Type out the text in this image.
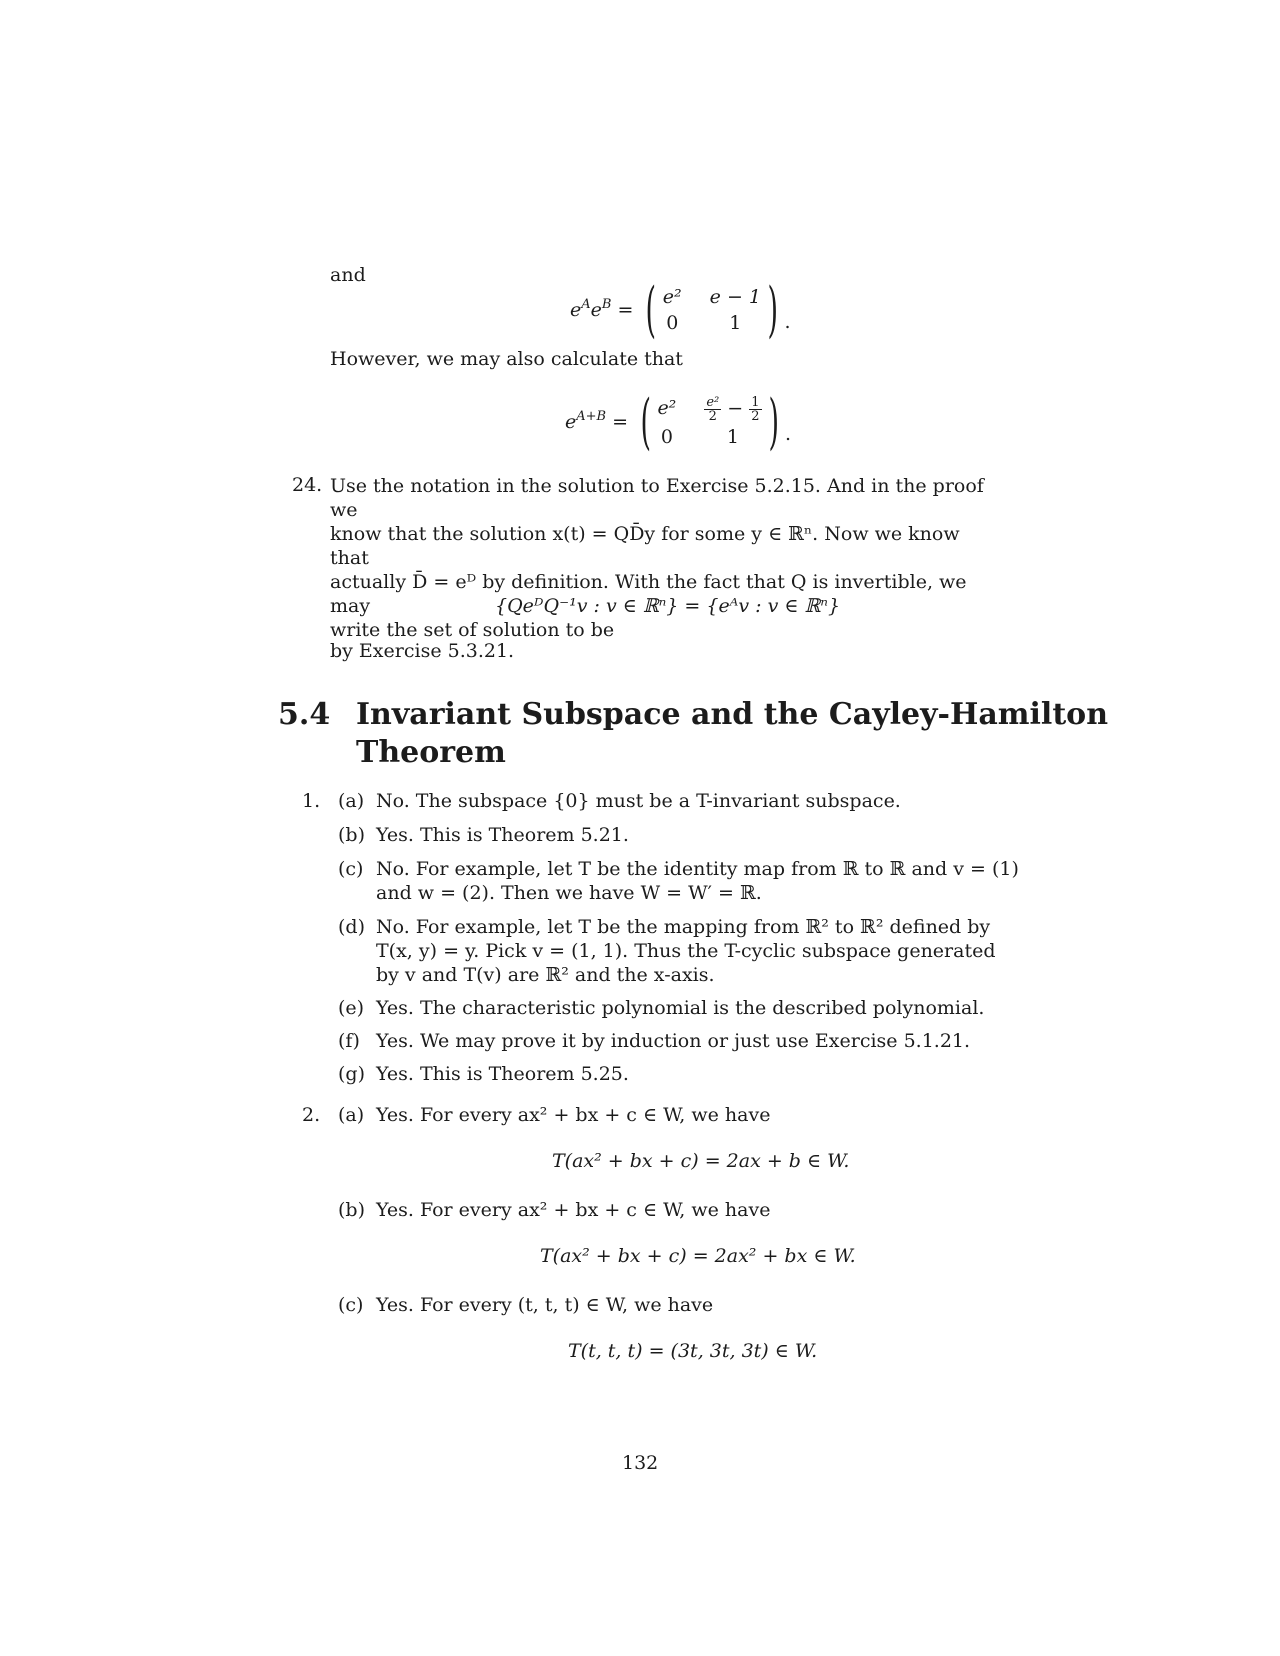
and
$e^Ae^B$ = ( e² e − 1
0	1 ) .
However, we may also calculate that
$e^{A+B}$ = ( $e^2 \frac{\text{e²}}{2} - \frac{1}{2}$
0	1 ) .
24. Use the notation in the solution to Exercise 5.2.15. And in the proof we
know that the solution x(t) = QD̄y for some y ∈ ℝⁿ. Now we know that
actually D̄ = eᴰ by definition. With the fact that Q is invertible, we may
write the set of solution to be
{QeᴰQ⁻¹v : v ∈ ℝⁿ} = {eᴬv : v ∈ ℝⁿ}
by Exercise 5.3.21.
5.4 Invariant Subspace and the Cayley-Hamilton
Theorem
1. (a) No. The subspace {0} must be a T-invariant subspace.
(b) Yes. This is Theorem 5.21.
(c) No. For example, let T be the identity map from ℝ to ℝ and v = (1)
and w = (2). Then we have W = W′ = ℝ.
(d) No. For example, let T be the mapping from ℝ² to ℝ² defined by
T(x, y) = y. Pick v = (1, 1). Thus the T-cyclic subspace generated
by v and T(v) are ℝ² and the x-axis.
(e) Yes. The characteristic polynomial is the described polynomial.
(f) Yes. We may prove it by induction or just use Exercise 5.1.21.
(g) Yes. This is Theorem 5.25.
2. (a) Yes. For every ax² + bx + c ∈ W, we have
T(ax² + bx + c) = 2ax + b ∈ W.
(b) Yes. For every ax² + bx + c ∈ W, we have
T(ax² + bx + c) = 2ax² + bx ∈ W.
(c) Yes. For every (t, t, t) ∈ W, we have
T(t, t, t) = (3t, 3t, 3t) ∈ W.
132
